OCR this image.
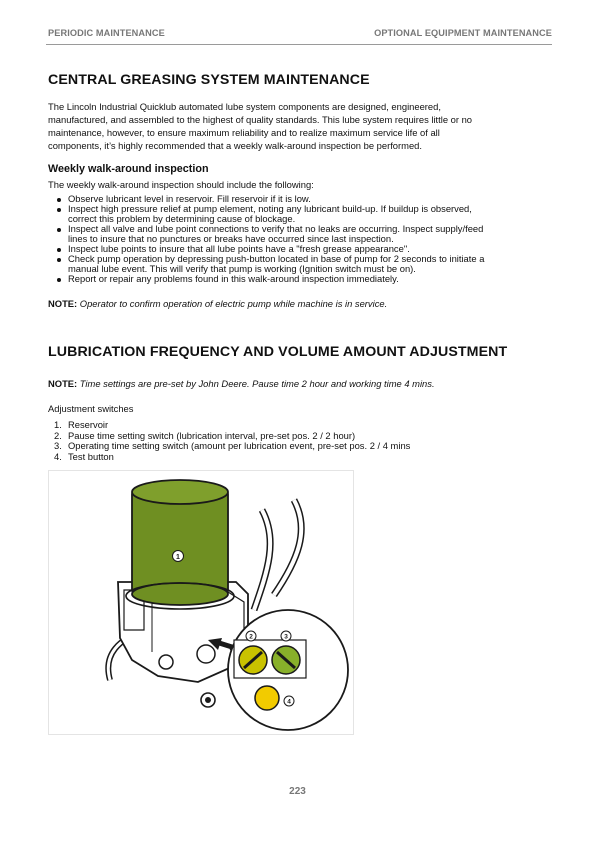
PERIODIC MAINTENANCE	OPTIONAL EQUIPMENT MAINTENANCE
CENTRAL GREASING SYSTEM MAINTENANCE
The Lincoln Industrial Quicklub automated lube system components are designed, engineered,
manufactured, and assembled to the highest of quality standards. This lube system requires little or no
maintenance, however, to ensure maximum reliability and to realize maximum service life of all
components, it’s highly recommended that a weekly walk-around inspection be performed.
Weekly walk-around inspection
The weekly walk-around inspection should include the following:
Observe lubricant level in reservoir. Fill reservoir if it is low.
Inspect high pressure relief at pump element, noting any lubricant build-up. If buildup is observed,
correct this problem by determining cause of blockage.
Inspect all valve and lube point connections to verify that no leaks are occurring. Inspect supply/feed
lines to insure that no punctures or breaks have occurred since last inspection.
Inspect lube points to insure that all lube points have a "fresh grease appearance".
Check pump operation by depressing push-button located in base of pump for 2 seconds to initiate a
manual lube event. This will verify that pump is working (Ignition switch must be on).
Report or repair any problems found in this walk-around inspection immediately.
NOTE: Operator to confirm operation of electric pump while machine is in service.
LUBRICATION FREQUENCY AND VOLUME AMOUNT ADJUSTMENT
NOTE: Time settings are pre-set by John Deere. Pause time 2 hour and working time 4 mins.
Adjustment switches
1. Reservoir
2. Pause time setting switch (lubrication interval, pre-set pos. 2 / 2 hour)
3. Operating time setting switch (amount per lubrication event, pre-set pos. 2 / 4 mins
4. Test button
1
2	3
4
223
